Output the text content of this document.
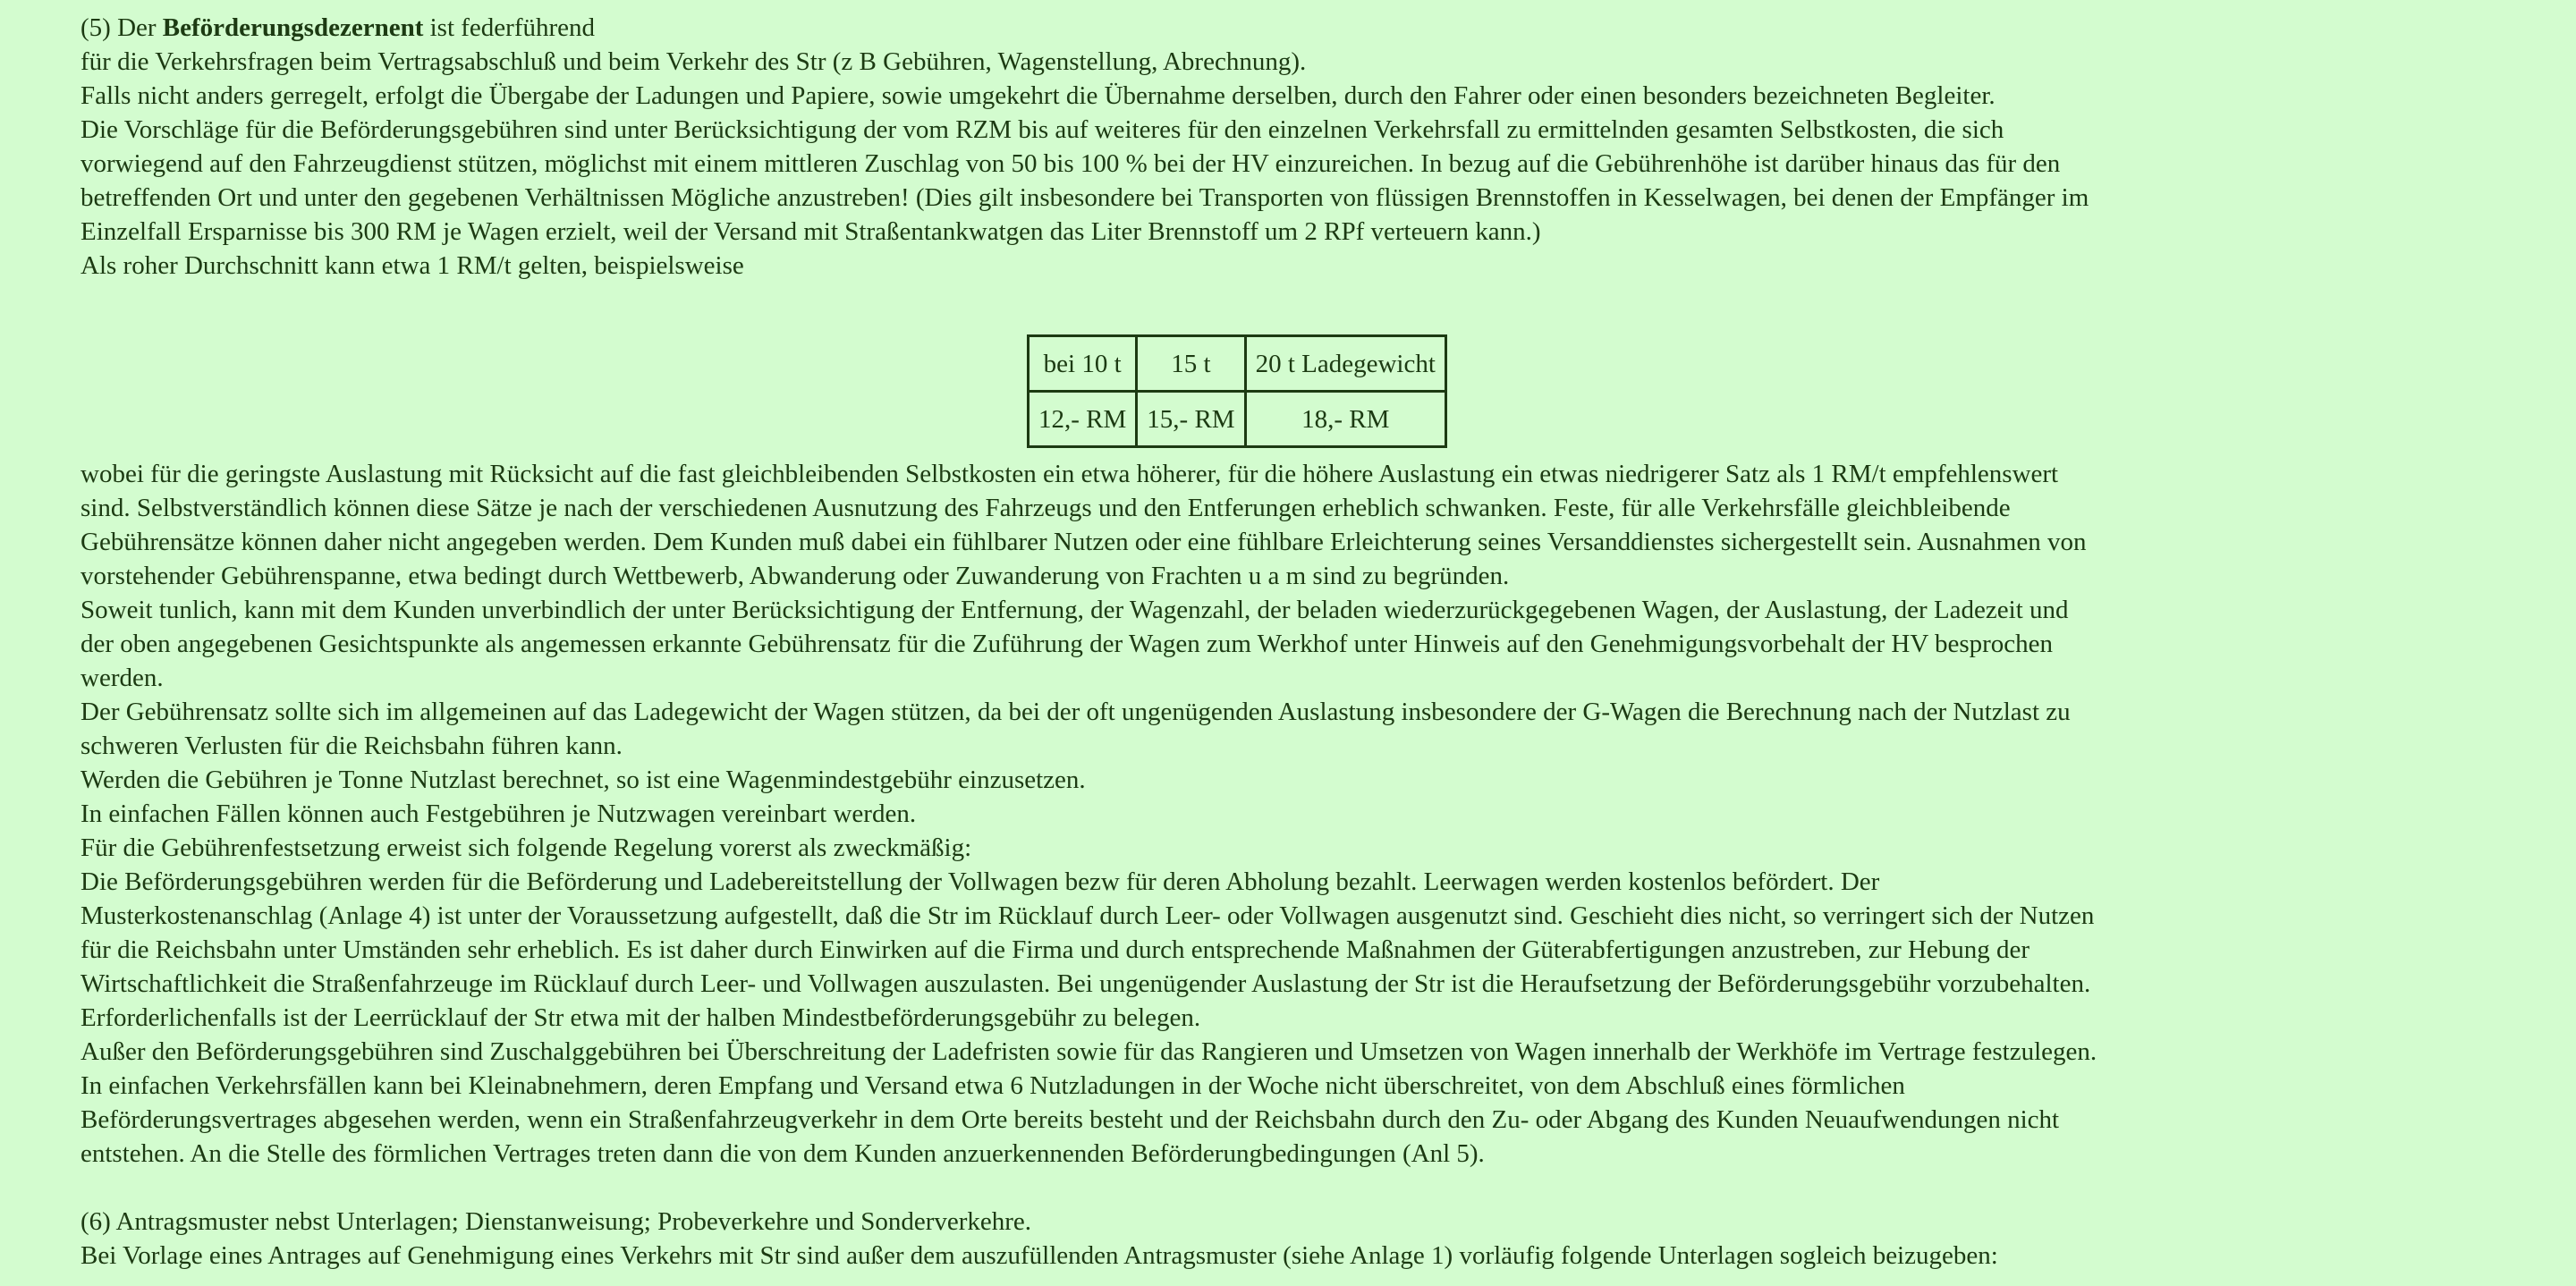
(5) Der Beförderungsdezernent ist federführend
für die Verkehrsfragen beim Vertragsabschluß und beim Verkehr des Str (z B Gebühren, Wagenstellung, Abrechnung).
Falls nicht anders gerregelt, erfolgt die Übergabe der Ladungen und Papiere, sowie umgekehrt die Übernahme derselben, durch den Fahrer oder einen besonders bezeichneten Begleiter.
Die Vorschläge für die Beförderungsgebühren sind unter Berücksichtigung der vom RZM bis auf weiteres für den einzelnen Verkehrsfall zu ermittelnden gesamten Selbstkosten, die sich
vorwiegend auf den Fahrzeugdienst stützen, möglichst mit einem mittleren Zuschlag von 50 bis 100 % bei der HV einzureichen. In bezug auf die Gebührenhöhe ist darüber hinaus das für den
betreffenden Ort und unter den gegebenen Verhältnissen Mögliche anzustreben! (Dies gilt insbesondere bei Transporten von flüssigen Brennstoffen in Kesselwagen, bei denen der Empfänger im
Einzelfall Ersparnisse bis 300 RM je Wagen erzielt, weil der Versand mit Straßentankwatgen das Liter Brennstoff um 2 RPf verteuern kann.)
Als roher Durchschnitt kann etwa 1 RM/t gelten, beispielsweise
bei 10 t	15 t	20 t Ladegewicht
12,- RM	15,- RM	18,- RM
wobei für die geringste Auslastung mit Rücksicht auf die fast gleichbleibenden Selbstkosten ein etwa höherer, für die höhere Auslastung ein etwas niedrigerer Satz als 1 RM/t empfehlenswert
sind. Selbstverständlich können diese Sätze je nach der verschiedenen Ausnutzung des Fahrzeugs und den Entferungen erheblich schwanken. Feste, für alle Verkehrsfälle gleichbleibende
Gebührensätze können daher nicht angegeben werden. Dem Kunden muß dabei ein fühlbarer Nutzen oder eine fühlbare Erleichterung seines Versanddienstes sichergestellt sein. Ausnahmen von
vorstehender Gebührenspanne, etwa bedingt durch Wettbewerb, Abwanderung oder Zuwanderung von Frachten u a m sind zu begründen.
Soweit tunlich, kann mit dem Kunden unverbindlich der unter Berücksichtigung der Entfernung, der Wagenzahl, der beladen wiederzurückgegebenen Wagen, der Auslastung, der Ladezeit und
der oben angegebenen Gesichtspunkte als angemessen erkannte Gebührensatz für die Zuführung der Wagen zum Werkhof unter Hinweis auf den Genehmigungsvorbehalt der HV besprochen
werden.
Der Gebührensatz sollte sich im allgemeinen auf das Ladegewicht der Wagen stützen, da bei der oft ungenügenden Auslastung insbesondere der G-Wagen die Berechnung nach der Nutzlast zu
schweren Verlusten für die Reichsbahn führen kann.
Werden die Gebühren je Tonne Nutzlast berechnet, so ist eine Wagenmindestgebühr einzusetzen.
In einfachen Fällen können auch Festgebühren je Nutzwagen vereinbart werden.
Für die Gebührenfestsetzung erweist sich folgende Regelung vorerst als zweckmäßig:
Die Beförderungsgebühren werden für die Beförderung und Ladebereitstellung der Vollwagen bezw für deren Abholung bezahlt. Leerwagen werden kostenlos befördert. Der
Musterkostenanschlag (Anlage 4) ist unter der Voraussetzung aufgestellt, daß die Str im Rücklauf durch Leer- oder Vollwagen ausgenutzt sind. Geschieht dies nicht, so verringert sich der Nutzen
für die Reichsbahn unter Umständen sehr erheblich. Es ist daher durch Einwirken auf die Firma und durch entsprechende Maßnahmen der Güterabfertigungen anzustreben, zur Hebung der
Wirtschaftlichkeit die Straßenfahrzeuge im Rücklauf durch Leer- und Vollwagen auszulasten. Bei ungenügender Auslastung der Str ist die Heraufsetzung der Beförderungsgebühr vorzubehalten.
Erforderlichenfalls ist der Leerrücklauf der Str etwa mit der halben Mindestbeförderungsgebühr zu belegen.
Außer den Beförderungsgebühren sind Zuschalggebühren bei Überschreitung der Ladefristen sowie für das Rangieren und Umsetzen von Wagen innerhalb der Werkhöfe im Vertrage festzulegen.
In einfachen Verkehrsfällen kann bei Kleinabnehmern, deren Empfang und Versand etwa 6 Nutzladungen in der Woche nicht überschreitet, von dem Abschluß eines förmlichen
Beförderungsvertrages abgesehen werden, wenn ein Straßenfahrzeugverkehr in dem Orte bereits besteht und der Reichsbahn durch den Zu- oder Abgang des Kunden Neuaufwendungen nicht
entstehen. An die Stelle des förmlichen Vertrages treten dann die von dem Kunden anzuerkennenden Beförderungbedingungen (Anl 5).
(6) Antragsmuster nebst Unterlagen; Dienstanweisung; Probeverkehre und Sonderverkehre.
Bei Vorlage eines Antrages auf Genehmigung eines Verkehrs mit Str sind außer dem auszufüllenden Antragsmuster (siehe Anlage 1) vorläufig folgende Unterlagen sogleich beizugeben:
